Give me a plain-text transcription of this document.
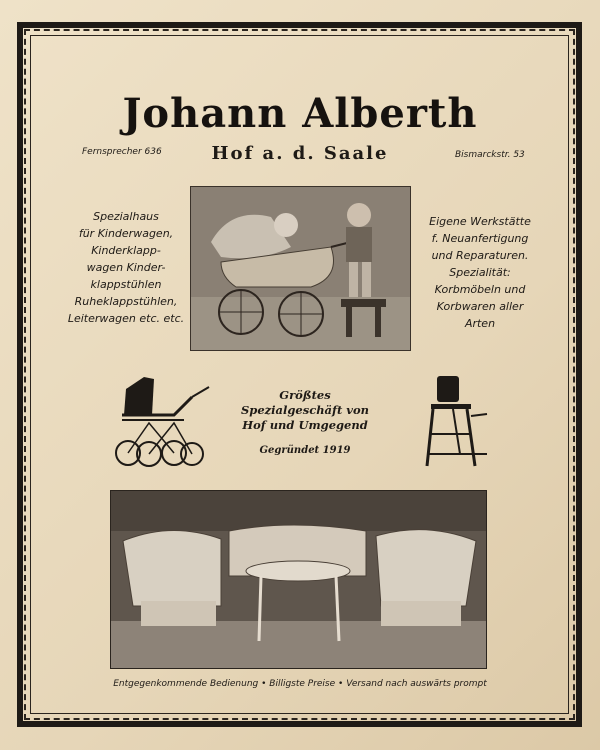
Johann Alberth
Fernsprecher 636	Hof a. d. Saale	Bismarckstr. 53
Spezialhaus
für Kinderwagen,
Kinderklapp-
wagen Kinder-
klappstühlen
Ruheklappstühlen,
Leiterwagen etc. etc.
Eigene Werkstätte
f. Neuanfertigung
und Reparaturen.
Spezialität:
Korbmöbeln und
Korbwaren aller
Arten
Größtes
Spezialgeschäft von
Hof und Umgegend
Gegründet 1919
Entgegenkommende Bedienung • Billigste Preise • Versand nach auswärts prompt
